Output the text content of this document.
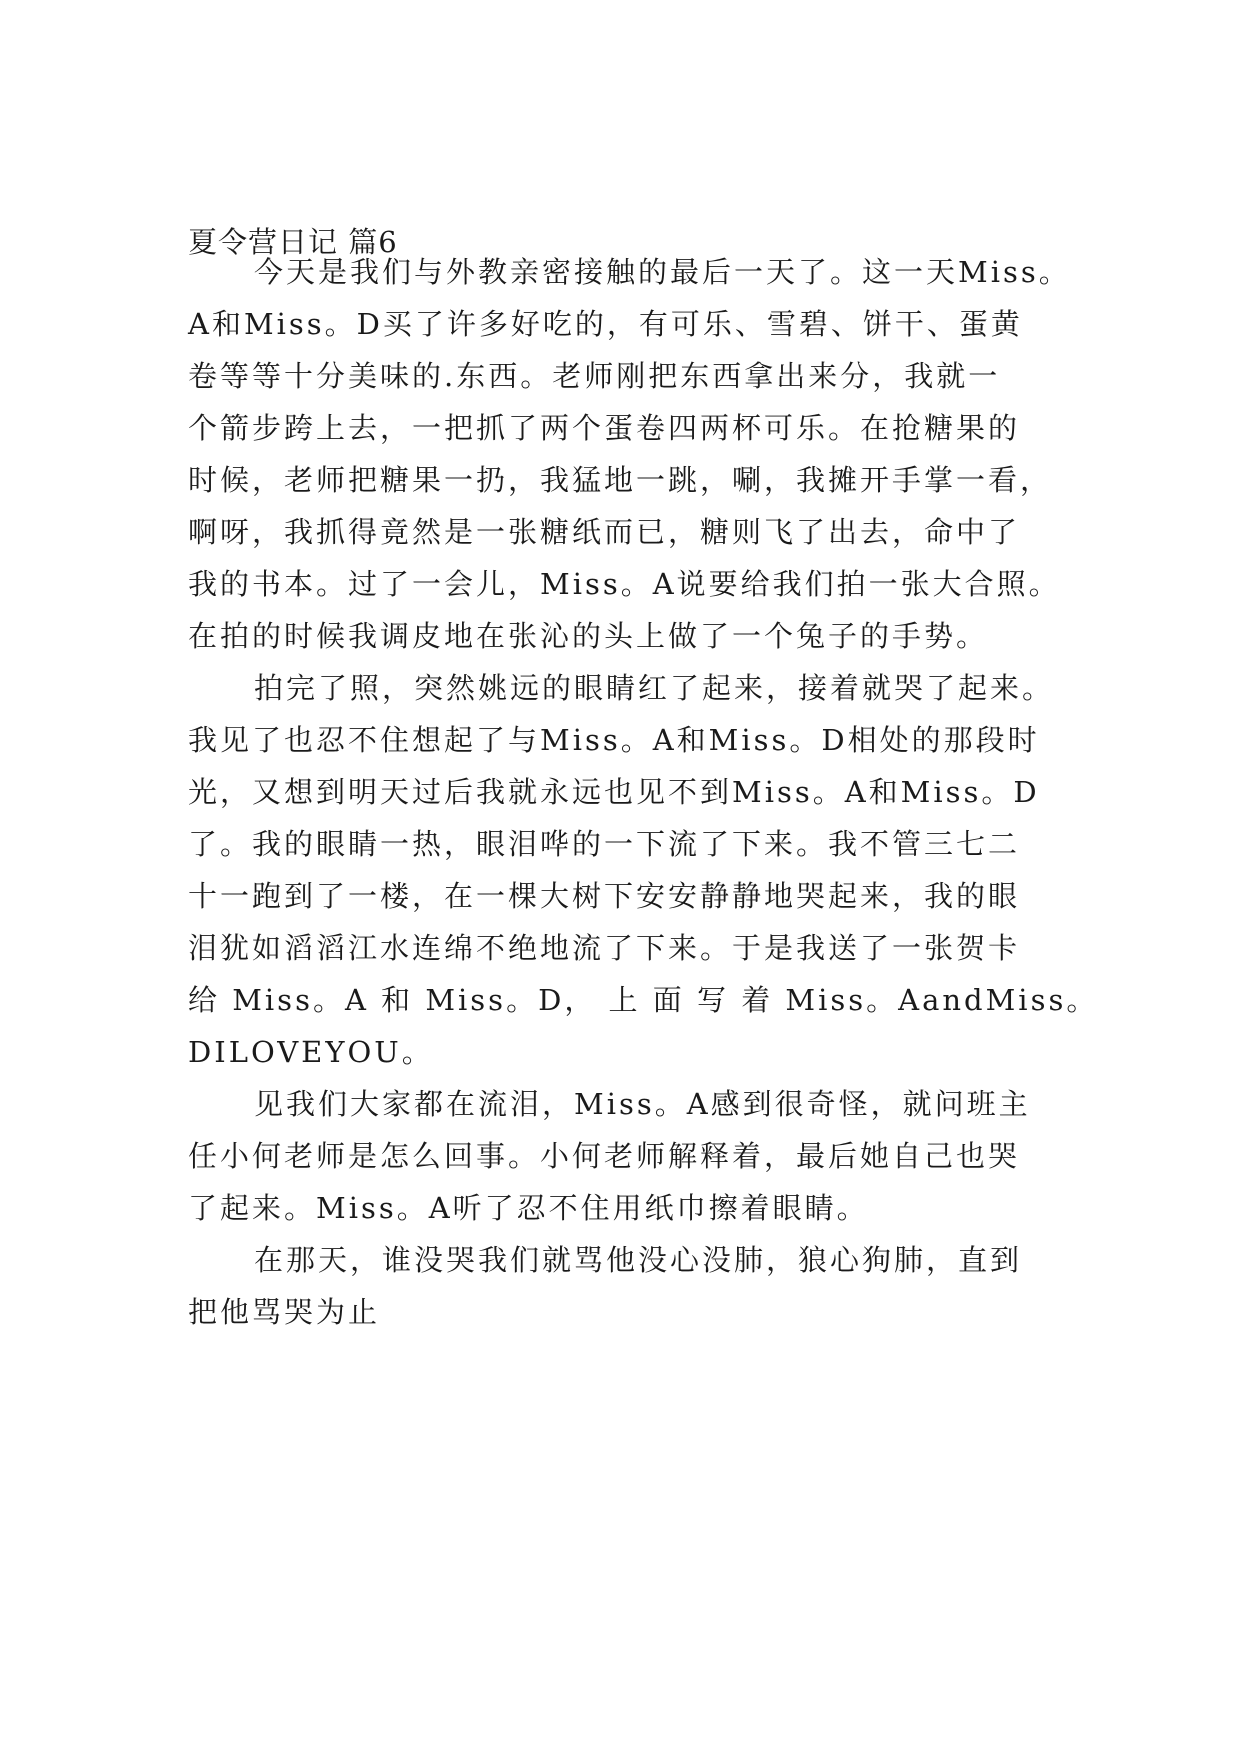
夏令营日记 篇6
今天是我们与外教亲密接触的最后一天了。这一天Miss。
A和Miss。D买了许多好吃的，有可乐、雪碧、饼干、蛋黄
卷等等十分美味的.东西。老师刚把东西拿出来分，我就一
个箭步跨上去，一把抓了两个蛋卷四两杯可乐。在抢糖果的
时候，老师把糖果一扔，我猛地一跳，唰，我摊开手掌一看，
啊呀，我抓得竟然是一张糖纸而已，糖则飞了出去，命中了
我的书本。过了一会儿，Miss。A说要给我们拍一张大合照。
在拍的时候我调皮地在张沁的头上做了一个兔子的手势。
拍完了照，突然姚远的眼睛红了起来，接着就哭了起来。
我见了也忍不住想起了与Miss。A和Miss。D相处的那段时
光，又想到明天过后我就永远也见不到Miss。A和Miss。D
了。我的眼睛一热，眼泪哗的一下流了下来。我不管三七二
十一跑到了一楼，在一棵大树下安安静静地哭起来，我的眼
泪犹如滔滔江水连绵不绝地流了下来。于是我送了一张贺卡
给 Miss。A 和 Miss。D， 上 面 写 着 Miss。AandMiss。
DILOVEYOU。
见我们大家都在流泪，Miss。A感到很奇怪，就问班主
任小何老师是怎么回事。小何老师解释着，最后她自己也哭
了起来。Miss。A听了忍不住用纸巾擦着眼睛。
在那天，谁没哭我们就骂他没心没肺，狼心狗肺，直到
把他骂哭为止
